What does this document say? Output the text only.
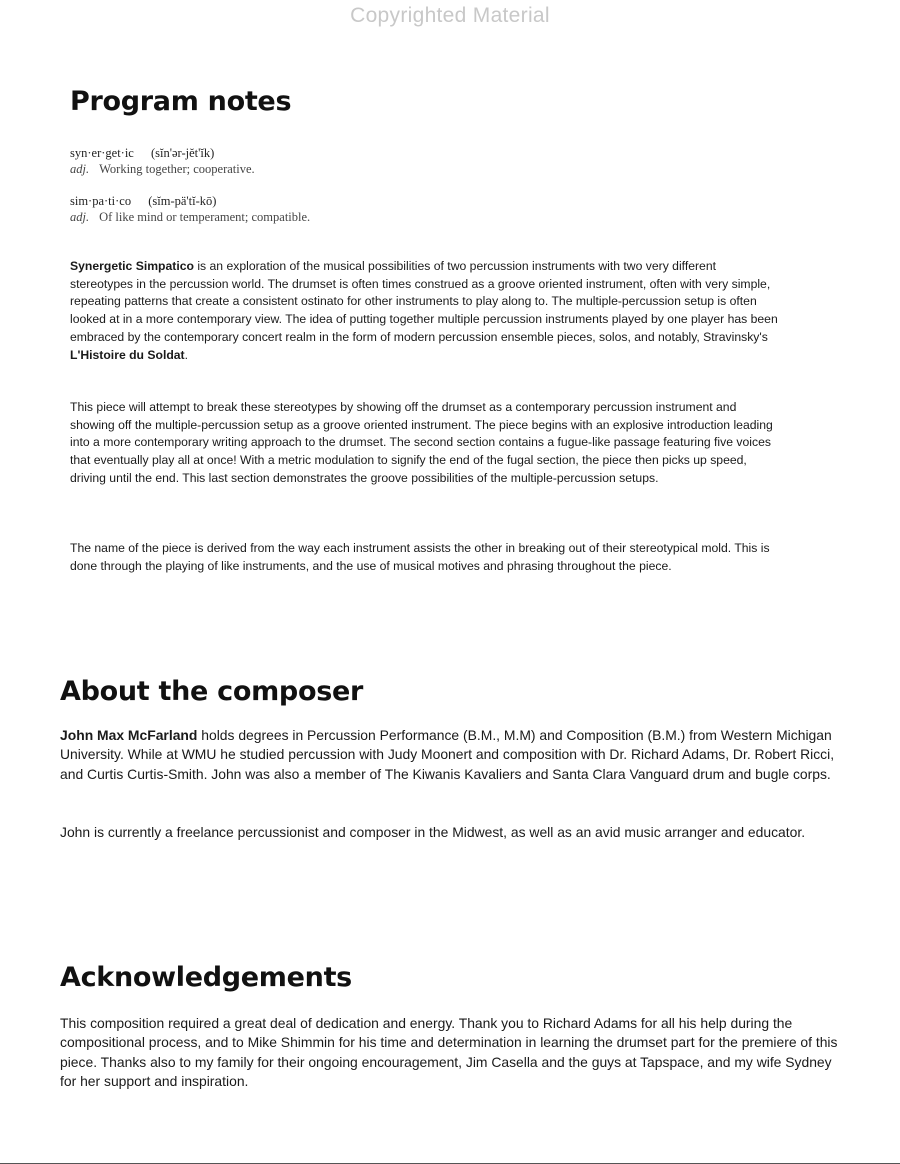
Copyrighted Material
Program notes
syn·er·get·ic (sĭn'ər-jĕt'ĭk)
adj. Working together; cooperative.
sim·pa·ti·co (sĭm-pä'tĭ-kō)
adj. Of like mind or temperament; compatible.

Synergetic Simpatico is an exploration of the musical possibilities of two percussion instruments with two very different stereotypes in the percussion world. The drumset is often times construed as a groove oriented instrument, often with very simple, repeating patterns that create a consistent ostinato for other instruments to play along to. The multiple-percussion setup is often looked at in a more contemporary view. The idea of putting together multiple percussion instruments played by one player has been embraced by the contemporary concert realm in the form of modern percussion ensemble pieces, solos, and notably, Stravinsky's L'Histoire du Soldat.

This piece will attempt to break these stereotypes by showing off the drumset as a contemporary percussion instrument and showing off the multiple-percussion setup as a groove oriented instrument. The piece begins with an explosive introduction leading into a more contemporary writing approach to the drumset. The second section contains a fugue-like passage featuring five voices that eventually play all at once! With a metric modulation to signify the end of the fugal section, the piece then picks up speed, driving until the end. This last section demonstrates the groove possibilities of the multiple-percussion setups.

The name of the piece is derived from the way each instrument assists the other in breaking out of their stereotypical mold. This is done through the playing of like instruments, and the use of musical motives and phrasing throughout the piece.

About the composer

John Max McFarland holds degrees in Percussion Performance (B.M., M.M) and Composition (B.M.) from Western Michigan University. While at WMU he studied percussion with Judy Moonert and composition with Dr. Richard Adams, Dr. Robert Ricci, and Curtis Curtis-Smith. John was also a member of The Kiwanis Kavaliers and Santa Clara Vanguard drum and bugle corps.

John is currently a freelance percussionist and composer in the Midwest, as well as an avid music arranger and educator.

Acknowledgements

This composition required a great deal of dedication and energy. Thank you to Richard Adams for all his help during the compositional process, and to Mike Shimmin for his time and determination in learning the drumset part for the premiere of this piece. Thanks also to my family for their ongoing encouragement, Jim Casella and the guys at Tapspace, and my wife Sydney for her support and inspiration.
